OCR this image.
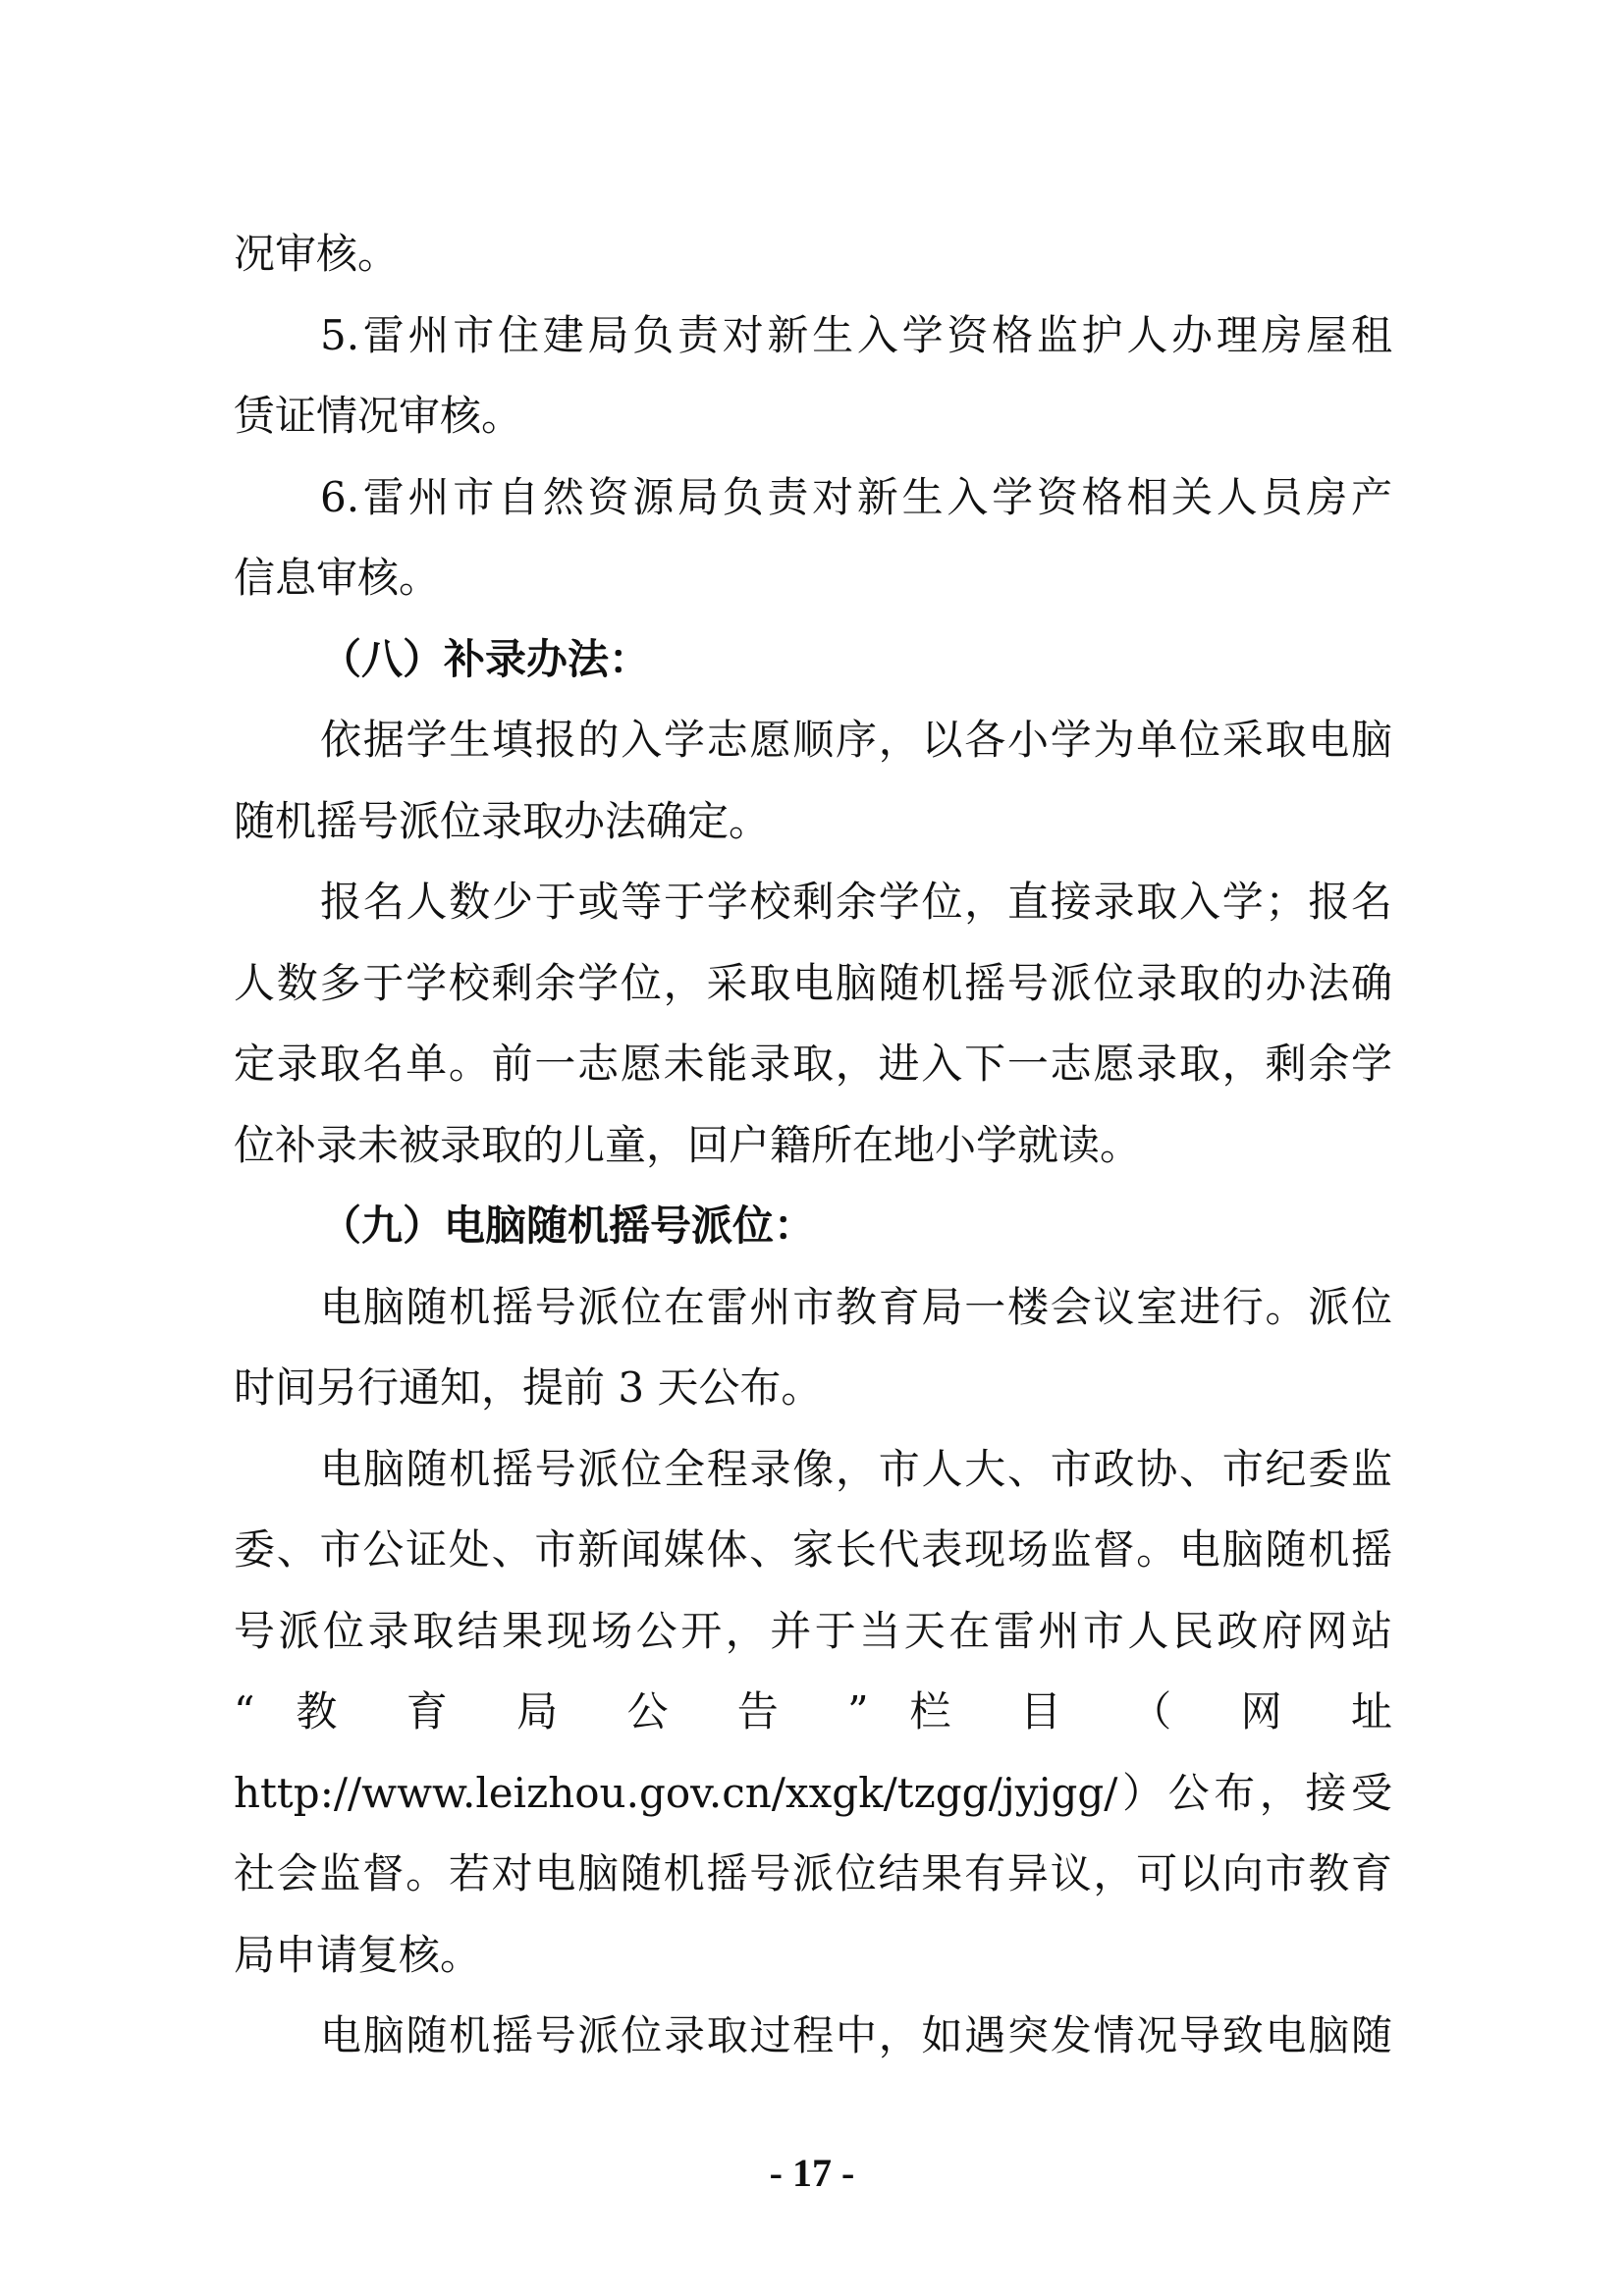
况审核。
5.雷州市住建局负责对新生入学资格监护人办理房屋租
赁证情况审核。
6.雷州市自然资源局负责对新生入学资格相关人员房产
信息审核。
（八）补录办法：
依据学生填报的入学志愿顺序，以各小学为单位采取电脑
随机摇号派位录取办法确定。
报名人数少于或等于学校剩余学位，直接录取入学；报名
人数多于学校剩余学位，采取电脑随机摇号派位录取的办法确
定录取名单。前一志愿未能录取，进入下一志愿录取，剩余学
位补录未被录取的儿童，回户籍所在地小学就读。
（九）电脑随机摇号派位：
电脑随机摇号派位在雷州市教育局一楼会议室进行。派位
时间另行通知，提前 3 天公布。
电脑随机摇号派位全程录像，市人大、市政协、市纪委监
委、市公证处、市新闻媒体、家长代表现场监督。电脑随机摇
号派位录取结果现场公开，并于当天在雷州市人民政府网站
“ 教 育 局 公 告 ” 栏 目 （ 网 址
http://www.leizhou.gov.cn/xxgk/tzgg/jyjgg/）公布，接受
社会监督。若对电脑随机摇号派位结果有异议，可以向市教育
局申请复核。
电脑随机摇号派位录取过程中，如遇突发情况导致电脑随
- 17 -
